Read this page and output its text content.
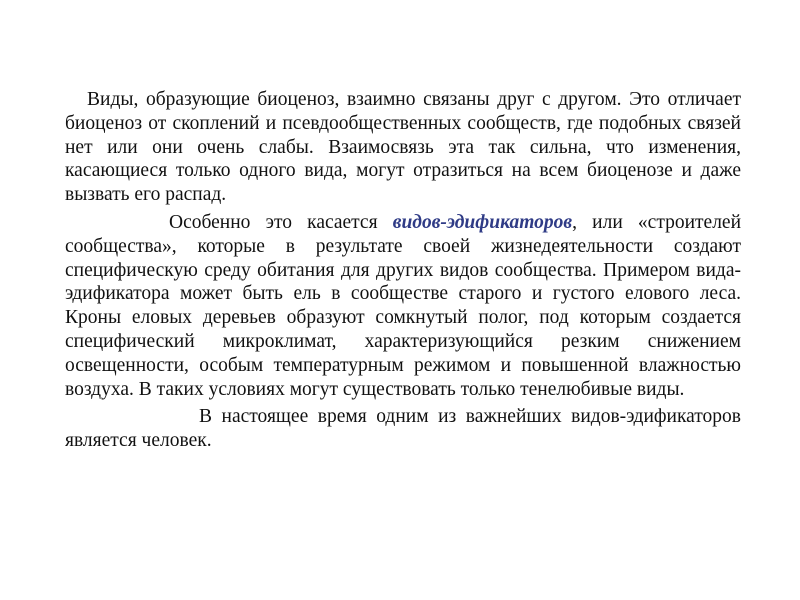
Виды, образующие биоценоз, взаимно связаны друг с другом. Это отличает биоценоз от скоплений и псевдообщественных сообществ, где подобных связей нет или они очень слабы. Взаимосвязь эта так сильна, что изменения, касающиеся только одного вида, могут отразиться на всем биоценозе и даже вызвать его распад.

Особенно это касается видов-эдификаторов, или «строителей сообщества», которые в результате своей жизнедеятельности создают специфическую среду обитания для других видов сообщества. Примером вида-эдификатора может быть ель в сообществе старого и густого елового леса. Кроны еловых деревьев образуют сомкнутый полог, под которым создается специфический микроклимат, характеризующийся резким снижением освещенности, особым температурным режимом и повышенной влажностью воздуха. В таких условиях могут существовать только тенелюбивые виды.

В настоящее время одним из важнейших видов-эдификаторов является человек.
